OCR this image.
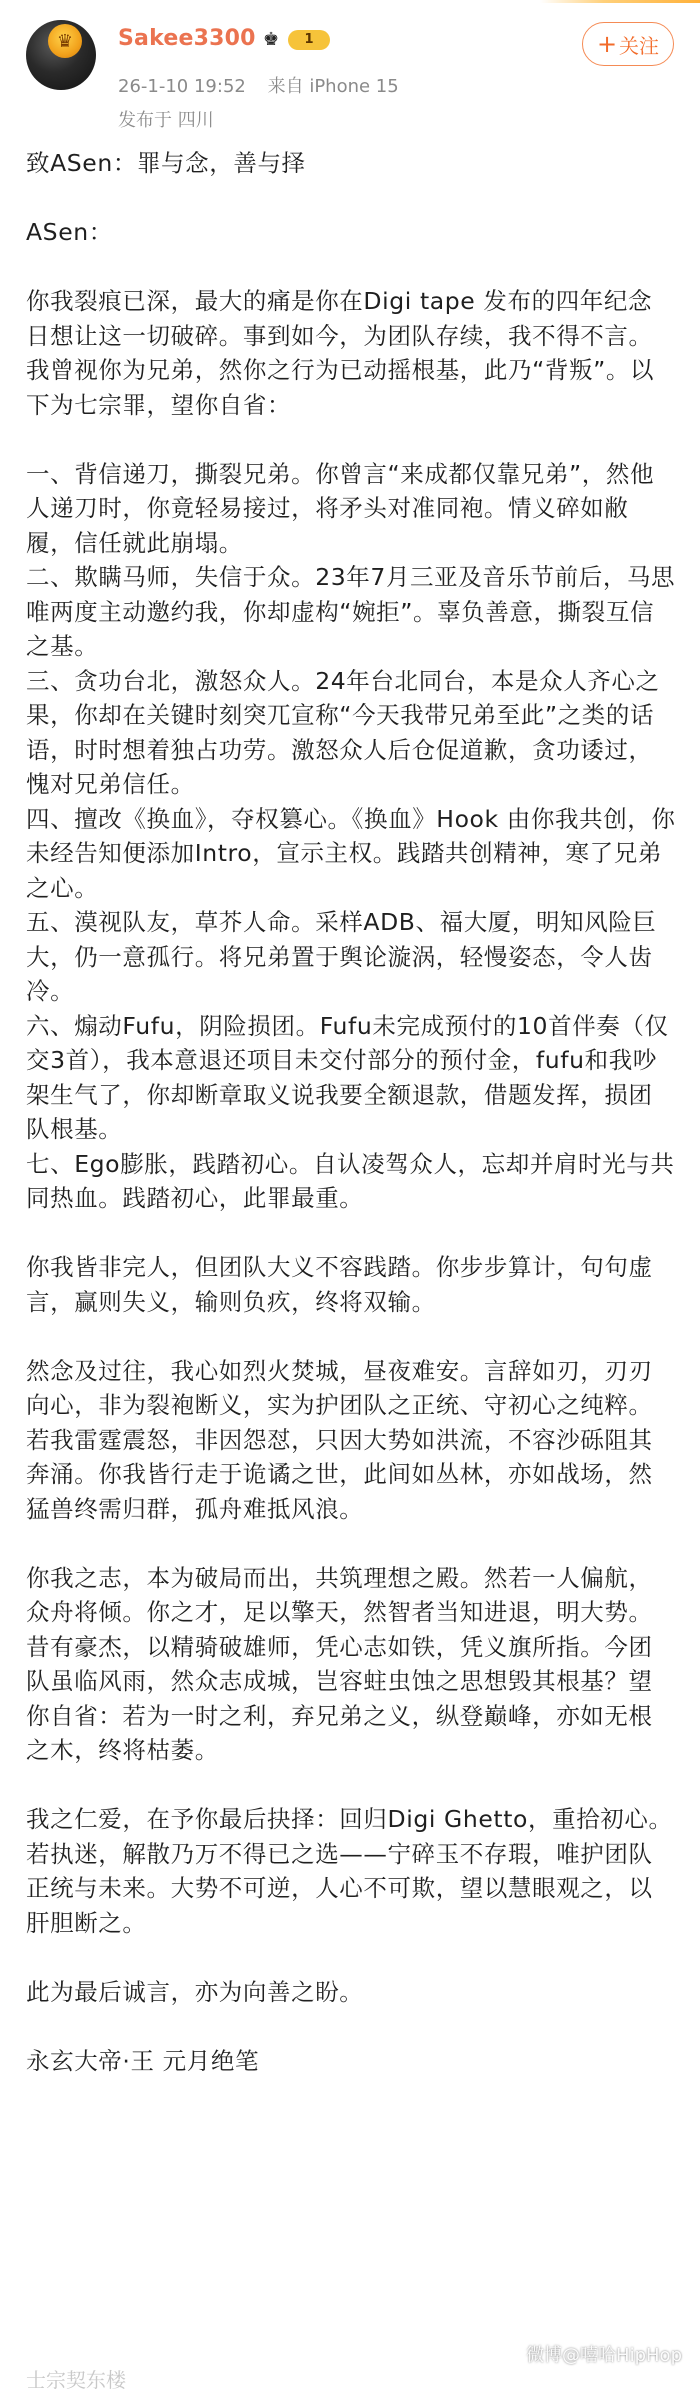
♛	Sakee3300 ♚	1
26-1-10 19:52 来自 iPhone 15
发布于 四川
+ 关注

致ASen：罪与念，善与择

ASen：

你我裂痕已深，最大的痛是你在Digi tape 发布的四年纪念日想让这一切破碎。事到如今，为团队存续，我不得不言。我曾视你为兄弟，然你之行为已动摇根基，此乃“背叛”。以下为七宗罪，望你自省：

一、背信递刀，撕裂兄弟。你曾言“来成都仅靠兄弟”，然他人递刀时，你竟轻易接过，将矛头对准同袍。情义碎如敝履，信任就此崩塌。

二、欺瞒马师，失信于众。23年7月三亚及音乐节前后，马思唯两度主动邀约我，你却虚构“婉拒”。辜负善意，撕裂互信之基。

三、贪功台北，激怒众人。24年台北同台，本是众人齐心之果，你却在关键时刻突兀宣称“今天我带兄弟至此”之类的话语，时时想着独占功劳。激怒众人后仓促道歉，贪功诿过，愧对兄弟信任。

四、擅改《换血》，夺权篡心。《换血》Hook 由你我共创，你未经告知便添加Intro，宣示主权。践踏共创精神，寒了兄弟之心。

五、漠视队友，草芥人命。采样ADB、福大厦，明知风险巨大，仍一意孤行。将兄弟置于舆论漩涡，轻慢姿态，令人齿冷。

六、煽动Fufu，阴险损团。Fufu未完成预付的10首伴奏（仅交3首），我本意退还项目未交付部分的预付金，fufu和我吵架生气了，你却断章取义说我要全额退款，借题发挥，损团队根基。

七、Ego膨胀，践踏初心。自认凌驾众人，忘却并肩时光与共同热血。践踏初心，此罪最重。

你我皆非完人，但团队大义不容践踏。你步步算计，句句虚言，赢则失义，输则负疚，终将双输。

然念及过往，我心如烈火焚城，昼夜难安。言辞如刃，刃刃向心，非为裂袍断义，实为护团队之正统、守初心之纯粹。若我雷霆震怒，非因怨怼，只因大势如洪流，不容沙砾阻其奔涌。你我皆行走于诡谲之世，此间如丛林，亦如战场，然猛兽终需归群，孤舟难抵风浪。

你我之志，本为破局而出，共筑理想之殿。然若一人偏航，众舟将倾。你之才，足以擎天，然智者当知进退，明大势。昔有豪杰，以精骑破雄师，凭心志如铁，凭义旗所指。今团队虽临风雨，然众志成城，岂容蛀虫蚀之思想毁其根基？望你自省：若为一时之利，弃兄弟之义，纵登巅峰，亦如无根之木，终将枯萎。

我之仁爱，在予你最后抉择：回归Digi Ghetto，重拾初心。若执迷，解散乃万不得已之选——宁碎玉不存瑕，唯护团队正统与未来。大势不可逆，人心不可欺，望以慧眼观之，以肝胆断之。

此为最后诚言，亦为向善之盼。

永玄大帝·王 元月绝笔

士宗契东楼
微博@嘻哈HipHop
